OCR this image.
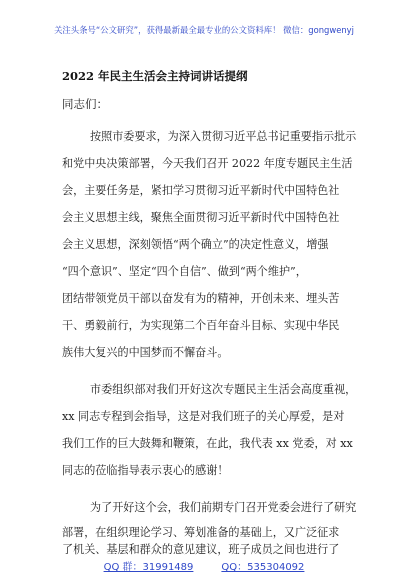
关注头条号“公文研究”，获得最新最全最专业的公文资料库！ 微信：gongwenyj
2022 年民主生活会主持词讲话提纲
同志们：
按照市委要求，为深入贯彻习近平总书记重要指示批示
和党中央决策部署，今天我们召开 2022 年度专题民主生活
会，主要任务是，紧扣学习贯彻习近平新时代中国特色社
会主义思想主线，聚焦全面贯彻习近平新时代中国特色社
会主义思想，深刻领悟“两个确立”的决定性意义，增强
“四个意识”、坚定“四个自信”、做到“两个维护”，
团结带领党员干部以奋发有为的精神，开创未来、埋头苦
干、勇毅前行，为实现第二个百年奋斗目标、实现中华民
族伟大复兴的中国梦而不懈奋斗。
市委组织部对我们开好这次专题民主生活会高度重视，
xx 同志专程到会指导，这是对我们班子的关心厚爱，是对
我们工作的巨大鼓舞和鞭策，在此，我代表 xx 党委，对 xx
同志的莅临指导表示衷心的感谢！
为了开好这个会，我们前期专门召开党委会进行了研究
部署，在组织理论学习、筹划准备的基础上，又广泛征求
了机关、基层和群众的意见建议，班子成员之间也进行了
QQ 群：31991489	QQ：535304092
